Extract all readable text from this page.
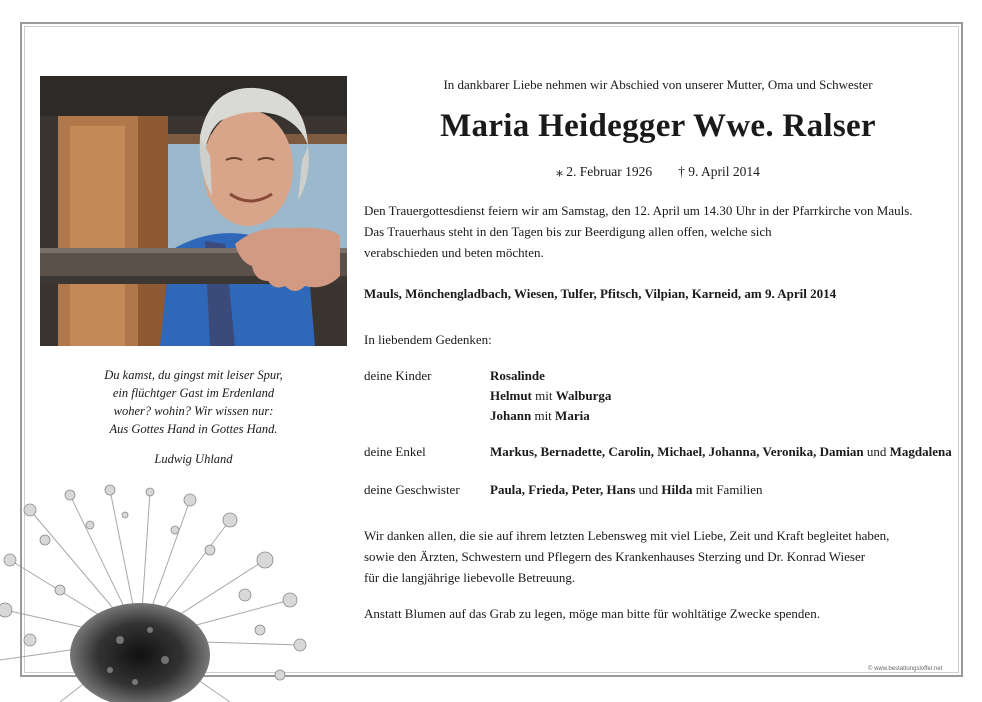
Du kamst, du gingst mit leiser Spur,
ein flüchtger Gast im Erdenland
woher? wohin? Wir wissen nur:
Aus Gottes Hand in Gottes Hand.
Ludwig Uhland
In dankbarer Liebe nehmen wir Abschied von unserer Mutter, Oma und Schwester
Maria Heidegger Wwe. Ralser
⁎ 2. Februar 1926 † 9. April 2014
Den Trauergottesdienst feiern wir am Samstag, den 12. April um 14.30 Uhr in der Pfarrkirche von Mauls.
Das Trauerhaus steht in den Tagen bis zur Beerdigung allen offen, welche sich
verabschieden und beten möchten.
Mauls, Mönchengladbach, Wiesen, Tulfer, Pfitsch, Vilpian, Karneid, am 9. April 2014
In liebendem Gedenken:
deine Kinder	Rosalinde
Helmut mit Walburga
Johann mit Maria
deine Enkel	Markus, Bernadette, Carolin, Michael, Johanna, Veronika, Damian und Magdalena
deine Geschwister Paula, Frieda, Peter, Hans und Hilda mit Familien
Wir danken allen, die sie auf ihrem letzten Lebensweg mit viel Liebe, Zeit und Kraft begleitet haben,
sowie den Ärzten, Schwestern und Pflegern des Krankenhauses Sterzing und Dr. Konrad Wieser
für die langjährige liebevolle Betreuung.
Anstatt Blumen auf das Grab zu legen, möge man bitte für wohltätige Zwecke spenden.
© www.bestattungsloffer.net
